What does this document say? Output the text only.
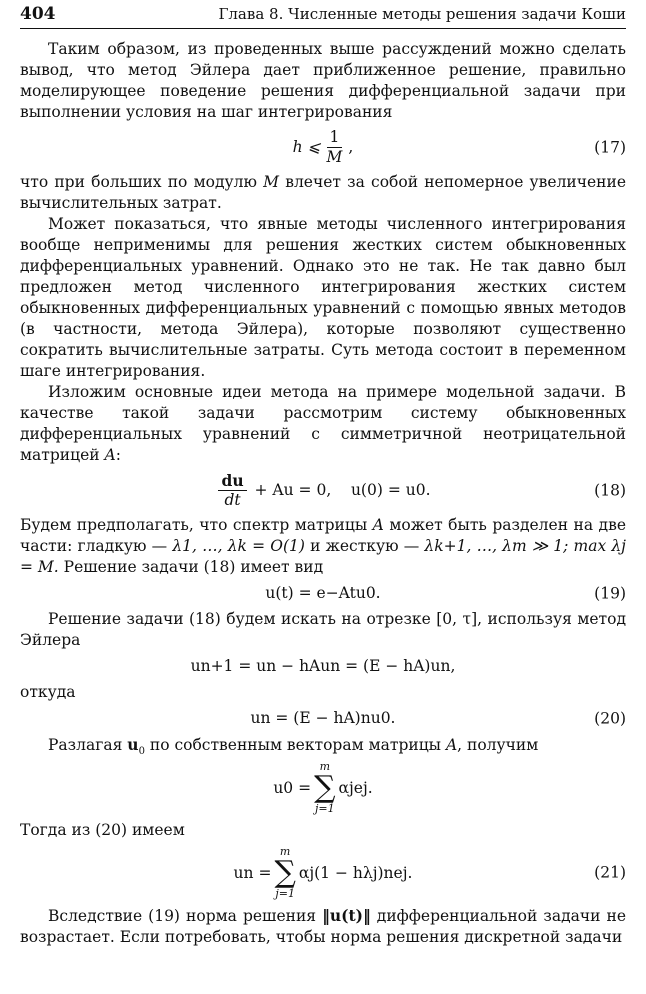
404	Глава 8. Численные методы решения задачи Коши

Таким образом, из проведенных выше рассуждений можно сделать вывод, что метод Эйлера дает приближенное решение, правильно моделирующее поведение решения дифференциальной задачи при выполнении условия на шаг интегрирования

h ⩽ $\frac{1}{M}$ ,	(17)

что при больших по модулю M влечет за собой непомерное увеличение вычислительных затрат.

Может показаться, что явные методы численного интегрирования вообще неприменимы для решения жестких систем обыкновенных дифференциальных уравнений. Однако это не так. Не так давно был предложен метод численного интегрирования жестких систем обыкновенных дифференциальных уравнений с помощью явных методов (в частности, метода Эйлера), которые позволяют существенно сократить вычислительные затраты. Суть метода состоит в переменном шаге интегрирования.

Изложим основные идеи метода на примере модельной задачи. В качестве такой задачи рассмотрим систему обыкновенных дифференциальных уравнений с симметричной неотрицательной матрицей A:

$\frac{du}{dt} + Au = 0$,    u(0) = u0.	(18)

Будем предполагать, что спектр матрицы A может быть разделен на две части: гладкую — λ1, …, λk = O(1) и жесткую — λk+1, …, λm ≫ 1; max λj = M. Решение задачи (18) имеет вид

u(t) = e−Atu0.	(19)

Решение задачи (18) будем искать на отрезке [0, τ], используя метод Эйлера

un+1 = un − hAun = (E − hA)un,

откуда

un = (E − hA)nu0.	(20)

Разлагая $u_0$ по собственным векторам матрицы A, получим

u0 =
m
∑
j=1
αjej.

Тогда из (20) имеем

un =
m
∑
j=1
αj(1 − hλj)nej.	(21)

Вследствие (19) норма решения ‖u(t)‖ дифференциальной задачи не возрастает. Если потребовать, чтобы норма решения дискретной задачи
